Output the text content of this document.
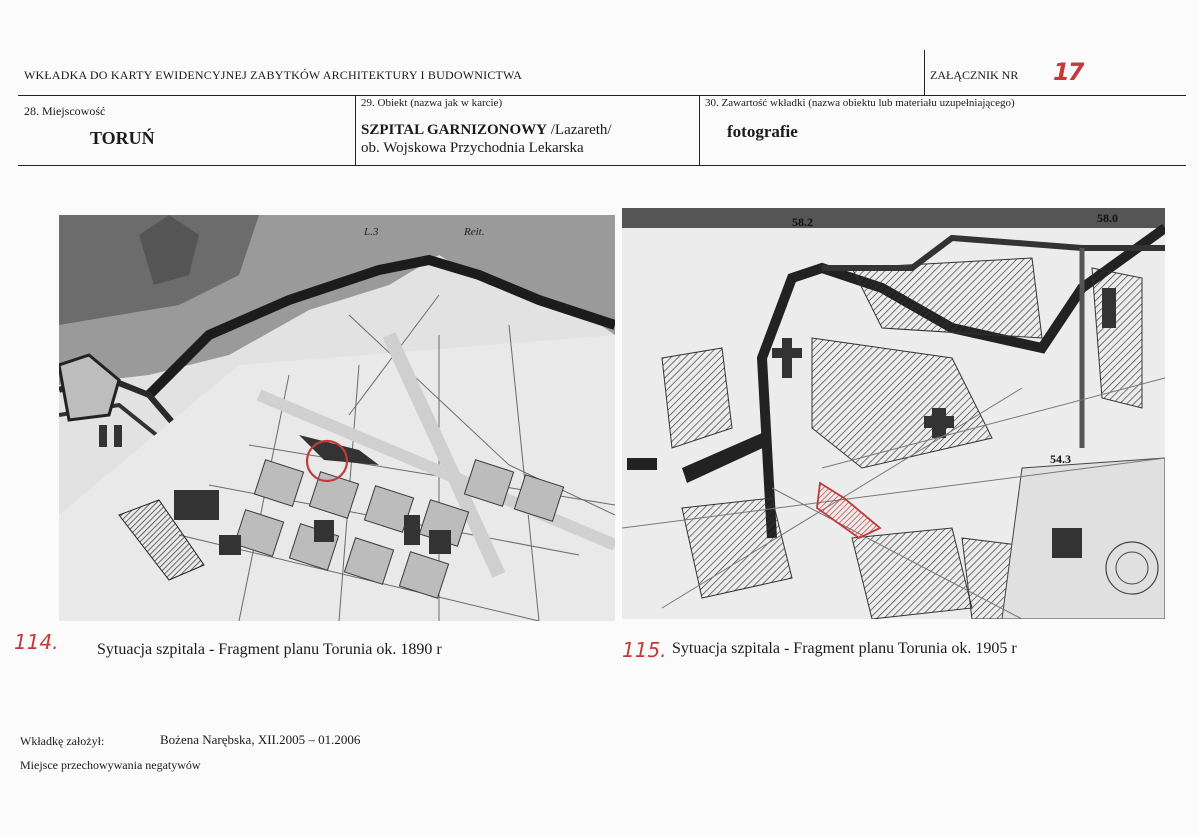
WKŁADKA DO KARTY EWIDENCYJNEJ ZABYTKÓW ARCHITEKTURY I BUDOWNICTWA	ZAŁĄCZNIK NR 17
28. Miejscowość
TORUŃ
29. Obiekt (nazwa jak w karcie)
SZPITAL GARNIZONOWY /Lazareth/
ob. Wojskowa Przychodnia Lekarska
30. Zawartość wkładki (nazwa obiektu lub materiału uzupełniającego)
fotografie
L.3	Reit.
58.2	58.0
54.3
114. Sytuacja szpitala - Fragment planu Torunia ok. 1890 r	115. Sytuacja szpitala - Fragment planu Torunia ok. 1905 r
Wkładkę założył:	Bożena Narębska, XII.2005 – 01.2006
Miejsce przechowywania negatywów
